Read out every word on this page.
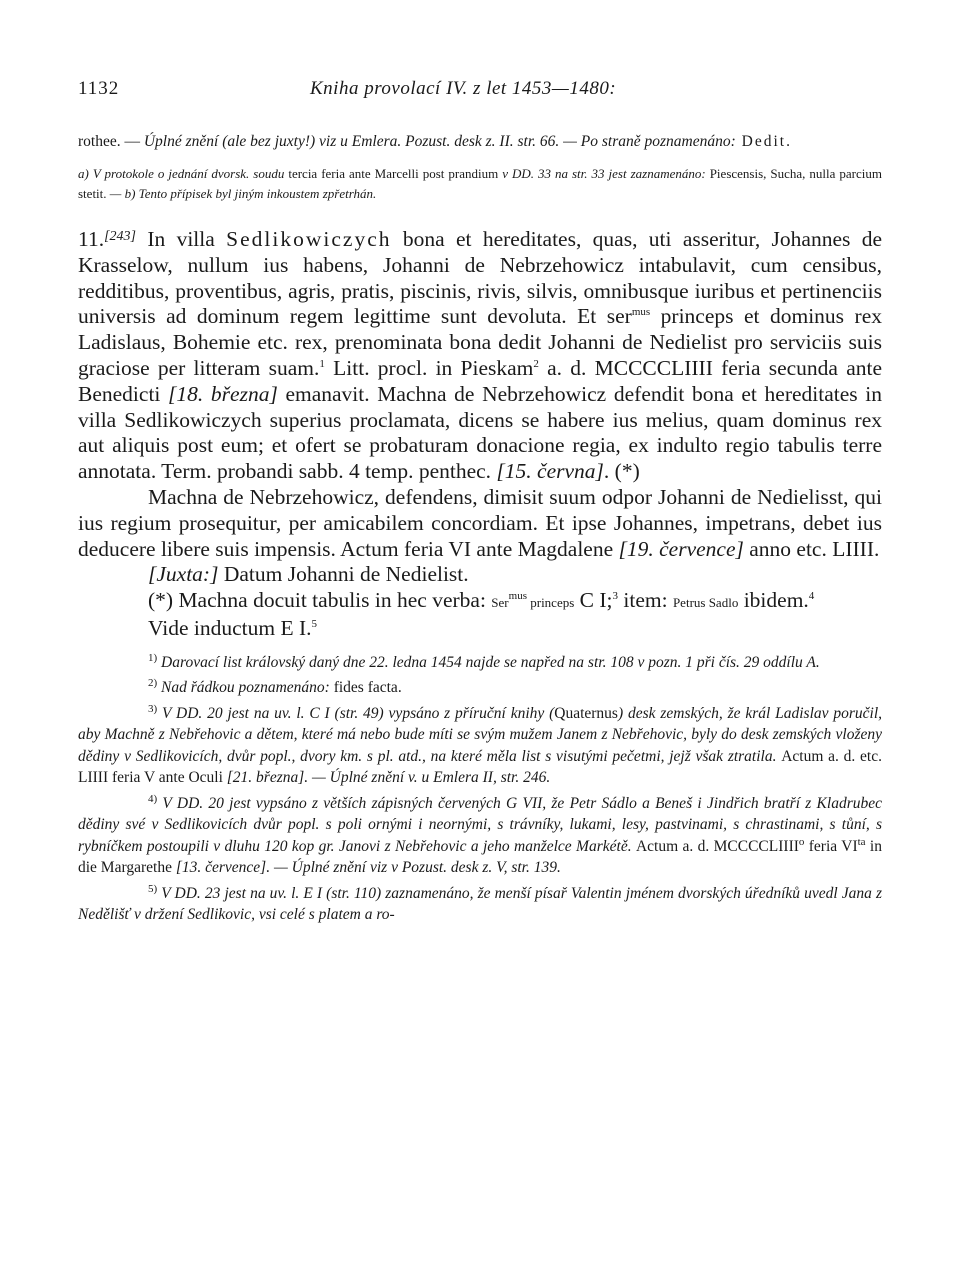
1132	Kniha provolací IV. z let 1453—1480:
rothee. — Úplné znění (ale bez juxty!) viz u Emlera. Pozust. desk z. II. str. 66. — Po straně poznamenáno: Dedit.
a) V protokole o jednání dvorsk. soudu tercia feria ante Marcelli post prandium v DD. 33 na str. 33 jest zaznamenáno: Piescensis, Sucha, nulla parcium stetit. — b) Tento přípisek byl jiným inkoustem zpřetrhán.

11.[243] In villa Sedlikowiczych bona et hereditates, quas, uti asseritur, Johannes de Krasselow, nullum ius habens, Johanni de Nebrzehowicz intabulavit, cum censibus, redditibus, proventibus, agris, pratis, piscinis, rivis, silvis, omnibusque iuribus et pertinenciis universis ad dominum regem legittime sunt devoluta. Et ser$^{mus}$ princeps et dominus rex Ladislaus, Bohemie etc. rex, prenominata bona dedit Johanni de Nedielist pro serviciis suis graciose per litteram suam.$^1$ Litt. procl. in Pieskam$^2$ a. d. MCCCCLIIII feria secunda ante Benedicti [18. března] emanavit. Machna de Nebrzehowicz defendit bona et hereditates in villa Sedlikowiczych superius proclamata, dicens se habere ius melius, quam dominus rex aut aliquis post eum; et ofert se probaturam donacione regia, ex indulto regio tabulis terre annotata. Term. probandi sabb. 4 temp. penthec. [15. června]. (*)

Machna de Nebrzehowicz, defendens, dimisit suum odpor Johanni de Nedielisst, qui ius regium prosequitur, per amicabilem concordiam. Et ipse Johannes, impetrans, debet ius deducere libere suis impensis. Actum feria VI ante Magdalene [19. července] anno etc. LIIII.

[Juxta:] Datum Johanni de Nedielist.

(*) Machna docuit tabulis in hec verba: Ser$^{mus}$ princeps C I;$^3$ item: Petrus Sadlo ibidem.$^4$

Vide inductum E I.$^5$

$^{1)}$ Darovací list královský daný dne 22. ledna 1454 najde se napřed na str. 108 v pozn. 1 při čís. 29 oddílu A.

$^{2)}$ Nad řádkou poznamenáno: fides facta.

$^{3)}$ V DD. 20 jest na uv. l. C I (str. 49) vypsáno z příruční knihy (Quaternus) desk zemských, že král Ladislav poručil, aby Machně z Nebřehovic a dětem, které má nebo bude míti se svým mužem Janem z Nebřehovic, byly do desk zemských vloženy dědiny v Sedlikovicích, dvůr popl., dvory km. s pl. atd., na které měla list s visutými pečetmi, jejž však ztratila. Actum a. d. etc. LIIII feria V ante Oculi [21. března]. — Úplné znění v. u Emlera II, str. 246.

$^{4)}$ V DD. 20 jest vypsáno z větších zápisných červených G VII, že Petr Sádlo a Beneš i Jindřich bratří z Kladrubec dědiny své v Sedlikovicích dvůr popl. s poli ornými i neornými, s trávníky, lukami, lesy, pastvinami, s chrastinami, s tůní, s rybníčkem postoupili v dluhu 120 kop gr. Janovi z Nebřehovic a jeho manželce Markétě. Actum a. d. MCCCCLIIII$^o$ feria $VI^{ta}$ in die Margarethe [13. července]. — Úplné znění viz v Pozust. desk z. V, str. 139.

$^{5)}$ V DD. 23 jest na uv. l. E I (str. 110) zaznamenáno, že menší písař Valentin jménem dvorských úředníků uvedl Jana z Nedělišť v držení Sedlikovic, vsi celé s platem a ro-
